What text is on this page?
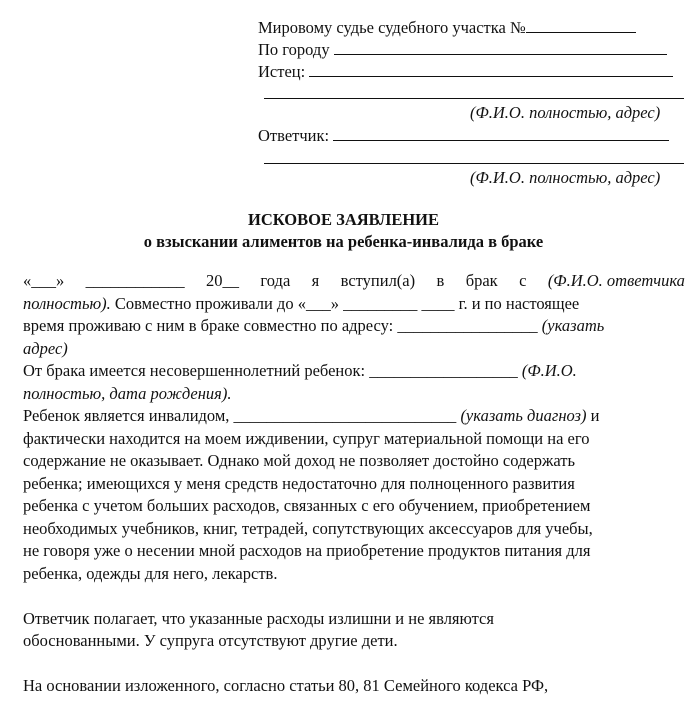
Мировому судье судебного участка №
По городу
Истец:
(Ф.И.О. полностью, адрес)
Ответчик:
(Ф.И.О. полностью, адрес)
ИСКОВОЕ ЗАЯВЛЕНИЕ
о взыскании алиментов на ребенка-инвалида в браке
«___» ____________ 20__ года я вступил(а) в брак с (Ф.И.О. ответчика
полностью). Совместно проживали до «___» _________ ____ г. и по настоящее
время проживаю с ним в браке совместно по адресу: _________________ (указать
адрес)
От брака имеется несовершеннолетний ребенок: __________________ (Ф.И.О.
полностью, дата рождения).
Ребенок является инвалидом, ___________________________ (указать диагноз) и
фактически находится на моем иждивении, супруг материальной помощи на его
содержание не оказывает. Однако мой доход не позволяет достойно содержать
ребенка; имеющихся у меня средств недостаточно для полноценного развития
ребенка с учетом больших расходов, связанных с его обучением, приобретением
необходимых учебников, книг, тетрадей, сопутствующих аксессуаров для учебы,
не говоря уже о несении мной расходов на приобретение продуктов питания для
ребенка, одежды для него, лекарств.
Ответчик полагает, что указанные расходы излишни и не являются
обоснованными. У супруга отсутствуют другие дети.
На основании изложенного, согласно статьи 80, 81 Семейного кодекса РФ,
